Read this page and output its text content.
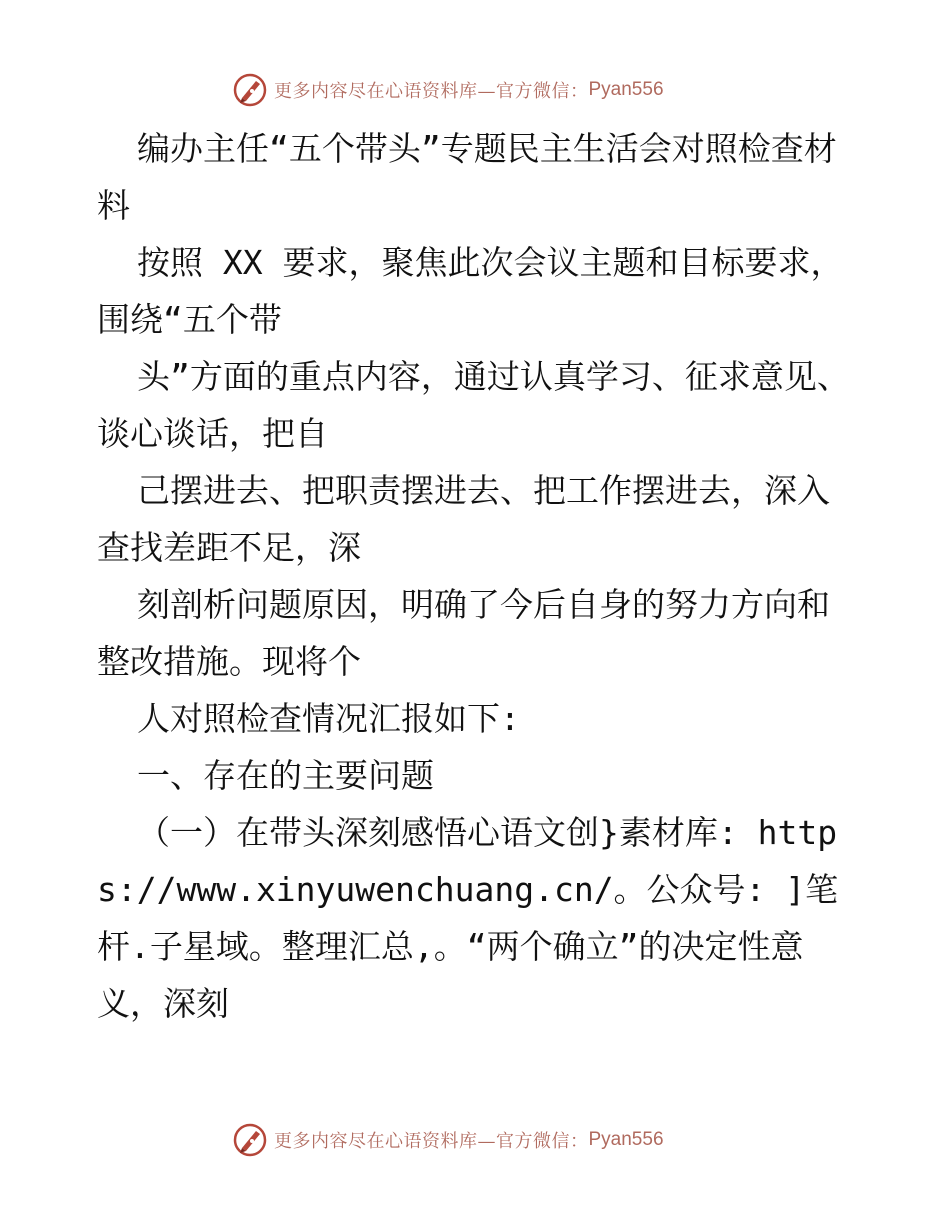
更多内容尽在心语资料库—官方微信： Pyan556

编办主任“五个带头”专题民主生活会对照检查材料

按照 XX 要求，聚焦此次会议主题和目标要求，围绕“五个带

头”方面的重点内容，通过认真学习、征求意见、谈心谈话，把自

己摆进去、把职责摆进去、把工作摆进去，深入查找差距不足，深

刻剖析问题原因，明确了今后自身的努力方向和整改措施。现将个

人对照检查情况汇报如下:

一、存在的主要问题

（一）在带头深刻感悟心语文创}素材库: https://www.xinyuwenchuang.cn/。公众号: ]笔杆.子星域。整理汇总,。“两个确立”的决定性意义，深刻

更多内容尽在心语资料库—官方微信： Pyan556
